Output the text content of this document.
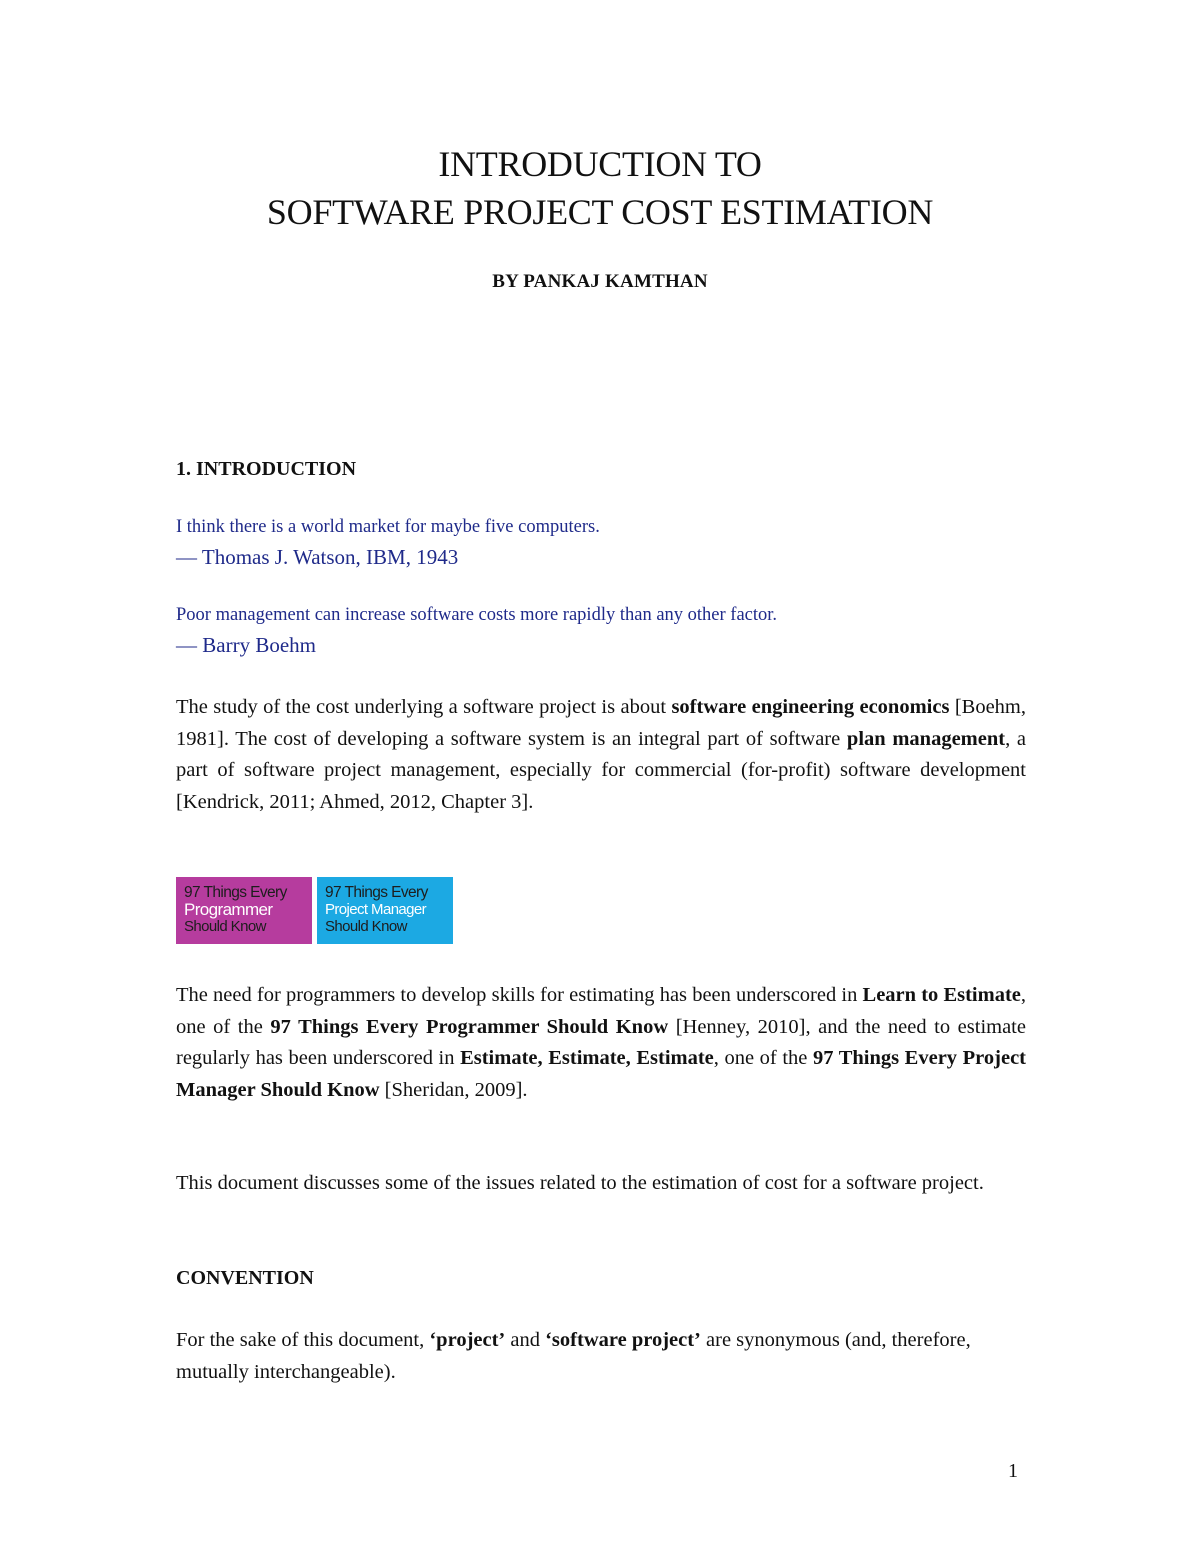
INTRODUCTION TO
SOFTWARE PROJECT COST ESTIMATION
BY PANKAJ KAMTHAN
1. INTRODUCTION
I think there is a world market for maybe five computers.
— Thomas J. Watson, IBM, 1943
Poor management can increase software costs more rapidly than any other factor.
— Barry Boehm
The study of the cost underlying a software project is about software engineering economics [Boehm, 1981]. The cost of developing a software system is an integral part of software plan management, a part of software project management, especially for commercial (for-profit) software development [Kendrick, 2011; Ahmed, 2012, Chapter 3].
97 Things Every
Programmer
Should Know
97 Things Every
Project Manager
Should Know
The need for programmers to develop skills for estimating has been underscored in Learn to Estimate, one of the 97 Things Every Programmer Should Know [Henney, 2010], and the need to estimate regularly has been underscored in Estimate, Estimate, Estimate, one of the 97 Things Every Project Manager Should Know [Sheridan, 2009].
This document discusses some of the issues related to the estimation of cost for a software project.
CONVENTION
For the sake of this document, ‘project’ and ‘software project’ are synonymous (and, therefore, mutually interchangeable).
1
